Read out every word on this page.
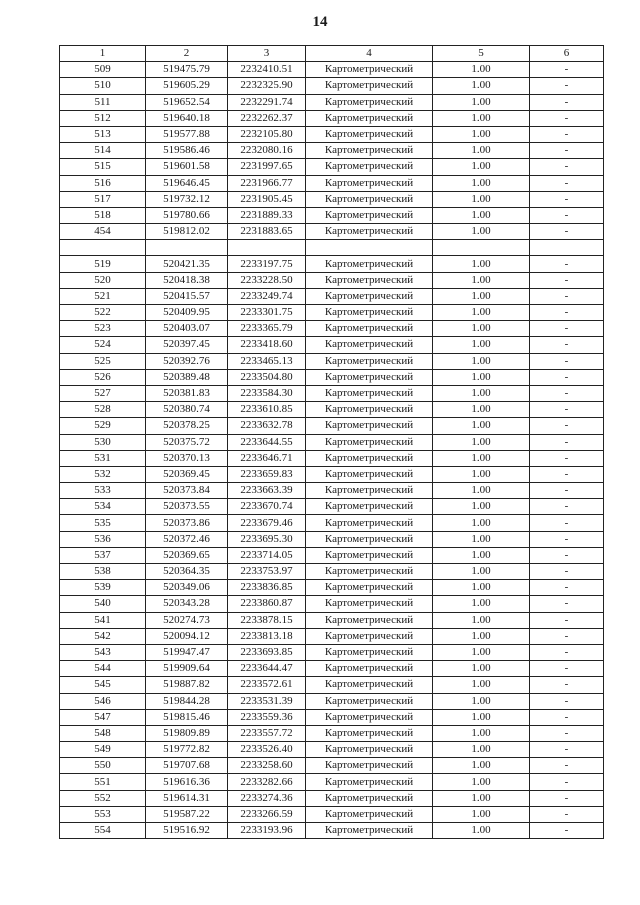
14
1	2	3	4	5	6
509	519475.79	2232410.51	Картометрический	1.00	-
510	519605.29	2232325.90	Картометрический	1.00	-
511	519652.54	2232291.74	Картометрический	1.00	-
512	519640.18	2232262.37	Картометрический	1.00	-
513	519577.88	2232105.80	Картометрический	1.00	-
514	519586.46	2232080.16	Картометрический	1.00	-
515	519601.58	2231997.65	Картометрический	1.00	-
516	519646.45	2231966.77	Картометрический	1.00	-
517	519732.12	2231905.45	Картометрический	1.00	-
518	519780.66	2231889.33	Картометрический	1.00	-
454	519812.02	2231883.65	Картометрический	1.00	-

519	520421.35	2233197.75	Картометрический	1.00	-
520	520418.38	2233228.50	Картометрический	1.00	-
521	520415.57	2233249.74	Картометрический	1.00	-
522	520409.95	2233301.75	Картометрический	1.00	-
523	520403.07	2233365.79	Картометрический	1.00	-
524	520397.45	2233418.60	Картометрический	1.00	-
525	520392.76	2233465.13	Картометрический	1.00	-
526	520389.48	2233504.80	Картометрический	1.00	-
527	520381.83	2233584.30	Картометрический	1.00	-
528	520380.74	2233610.85	Картометрический	1.00	-
529	520378.25	2233632.78	Картометрический	1.00	-
530	520375.72	2233644.55	Картометрический	1.00	-
531	520370.13	2233646.71	Картометрический	1.00	-
532	520369.45	2233659.83	Картометрический	1.00	-
533	520373.84	2233663.39	Картометрический	1.00	-
534	520373.55	2233670.74	Картометрический	1.00	-
535	520373.86	2233679.46	Картометрический	1.00	-
536	520372.46	2233695.30	Картометрический	1.00	-
537	520369.65	2233714.05	Картометрический	1.00	-
538	520364.35	2233753.97	Картометрический	1.00	-
539	520349.06	2233836.85	Картометрический	1.00	-
540	520343.28	2233860.87	Картометрический	1.00	-
541	520274.73	2233878.15	Картометрический	1.00	-
542	520094.12	2233813.18	Картометрический	1.00	-
543	519947.47	2233693.85	Картометрический	1.00	-
544	519909.64	2233644.47	Картометрический	1.00	-
545	519887.82	2233572.61	Картометрический	1.00	-
546	519844.28	2233531.39	Картометрический	1.00	-
547	519815.46	2233559.36	Картометрический	1.00	-
548	519809.89	2233557.72	Картометрический	1.00	-
549	519772.82	2233526.40	Картометрический	1.00	-
550	519707.68	2233258.60	Картометрический	1.00	-
551	519616.36	2233282.66	Картометрический	1.00	-
552	519614.31	2233274.36	Картометрический	1.00	-
553	519587.22	2233266.59	Картометрический	1.00	-
554	519516.92	2233193.96	Картометрический	1.00	-
